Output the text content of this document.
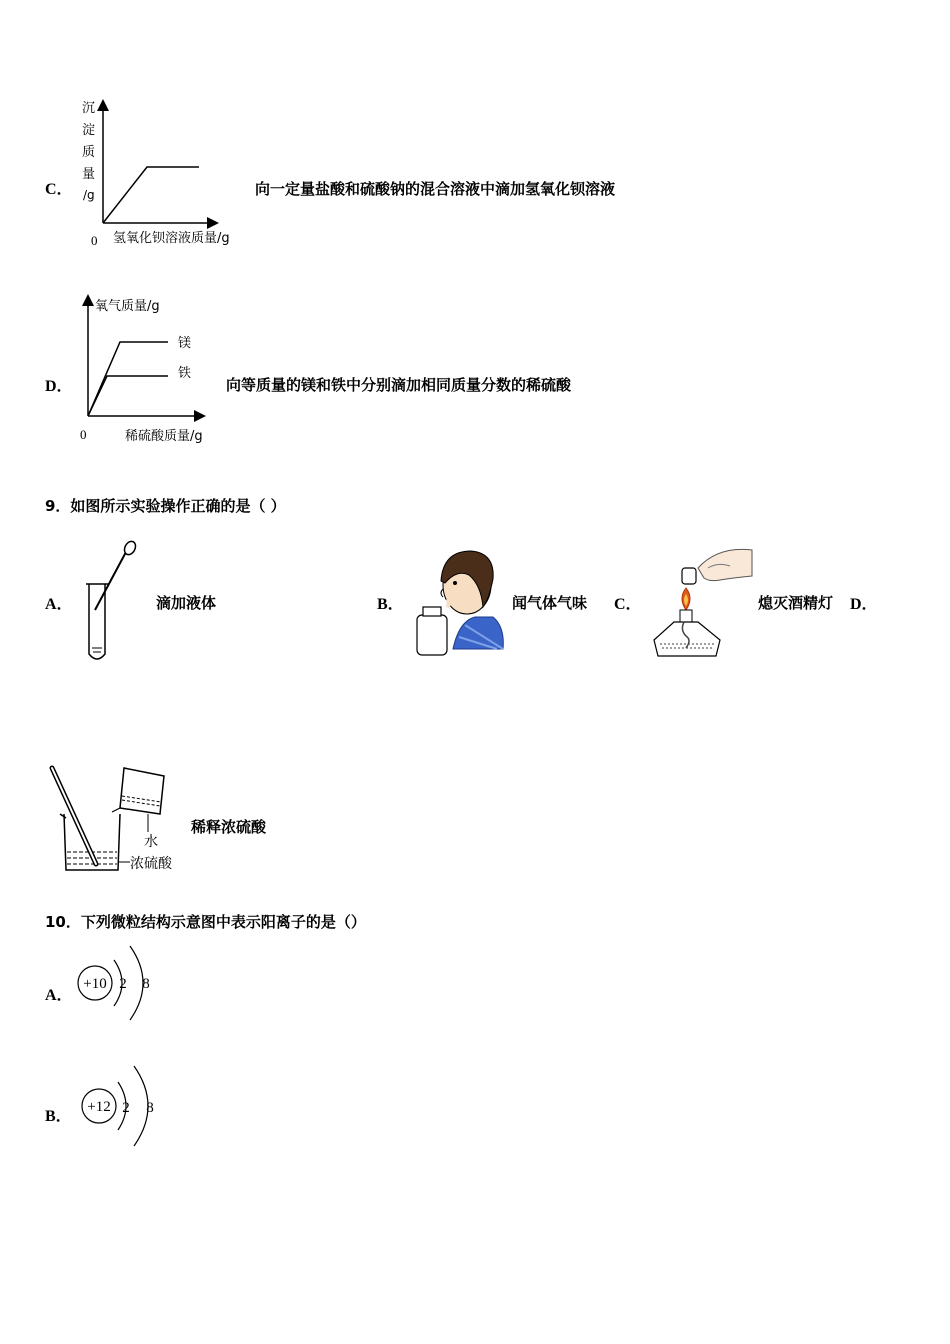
C．
沉
淀
质
量
/g
0 氢氧化钡溶液质量/g
向一定量盐酸和硫酸钠的混合溶液中滴加氢氧化钡溶液
D．
氧气质量/g
镁
铁
0	稀硫酸质量/g
向等质量的镁和铁中分别滴加相同质量分数的稀硫酸
9．如图所示实验操作正确的是（ ）
A．	滴加液体	B．	闻气体气味 C．	熄灭酒精灯 D．
水
浓硫酸
稀释浓硫酸
10．下列微粒结构示意图中表示阳离子的是（）
A．
+10 2 8
B．
+12 2 8
